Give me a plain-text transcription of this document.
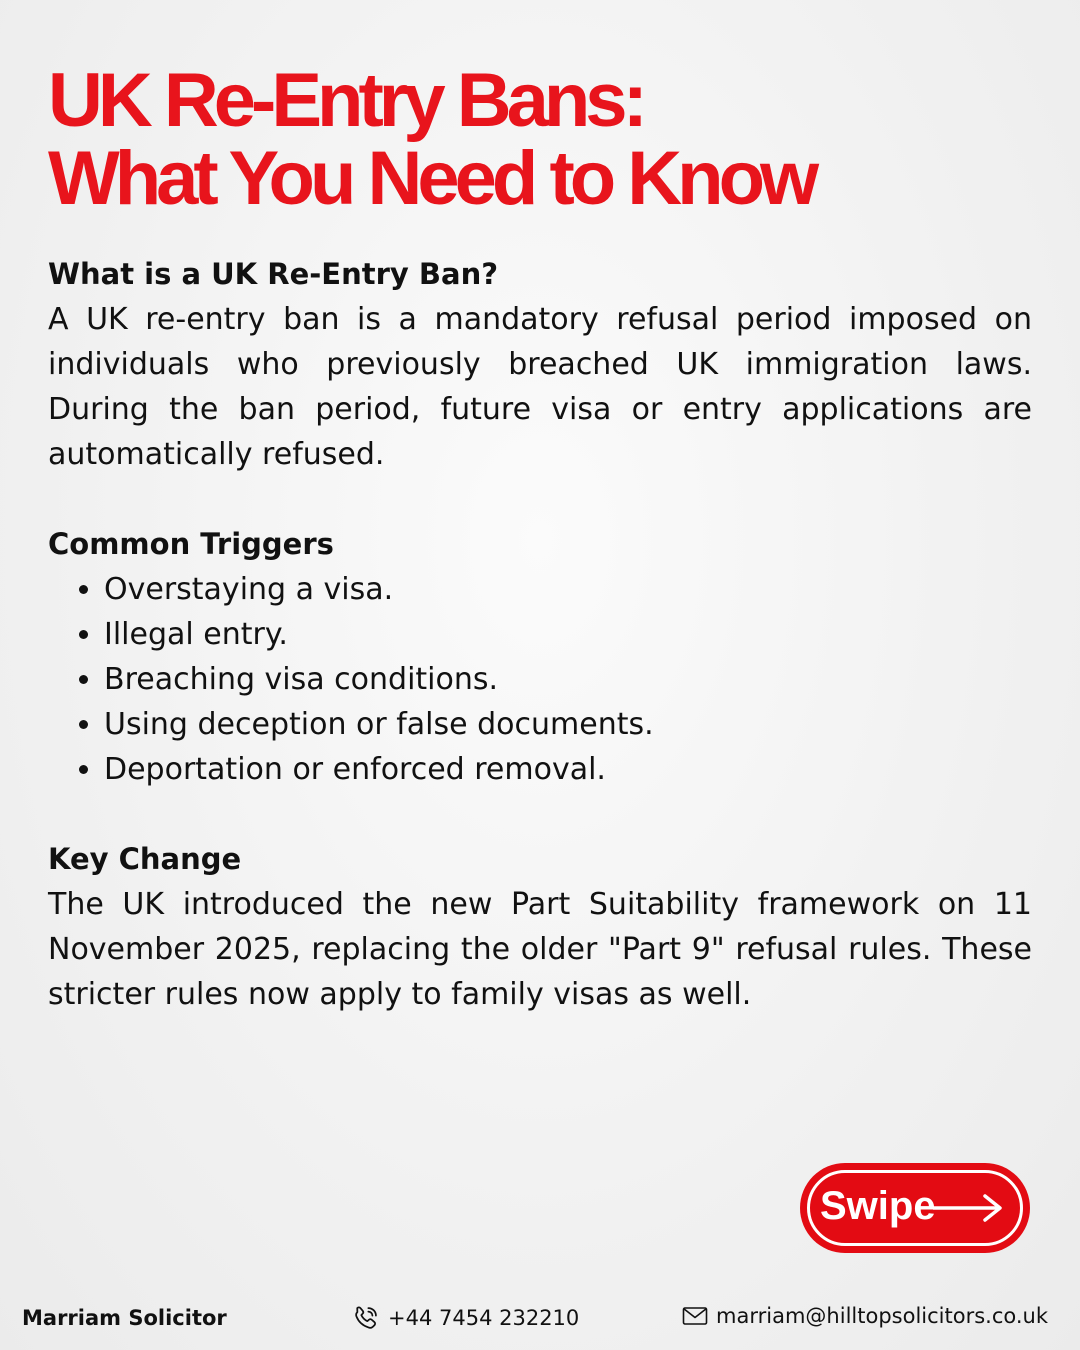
UK Re-Entry Bans:
What You Need to Know
What is a UK Re-Entry Ban?

A UK re-entry ban is a mandatory refusal period imposed on individuals who previously breached UK immigration laws. During the ban period, future visa or entry applications are automatically refused.

Common Triggers
• Overstaying a visa.
• Illegal entry.
• Breaching visa conditions.
• Using deception or false documents.
• Deportation or enforced removal.
Key Change

The UK introduced the new Part Suitability framework on 11 November 2025, replacing the older "Part 9" refusal rules. These stricter rules now apply to family visas as well.

Swipe
Marriam Solicitor	+44 7454 232210	marriam@hilltopsolicitors.co.uk
